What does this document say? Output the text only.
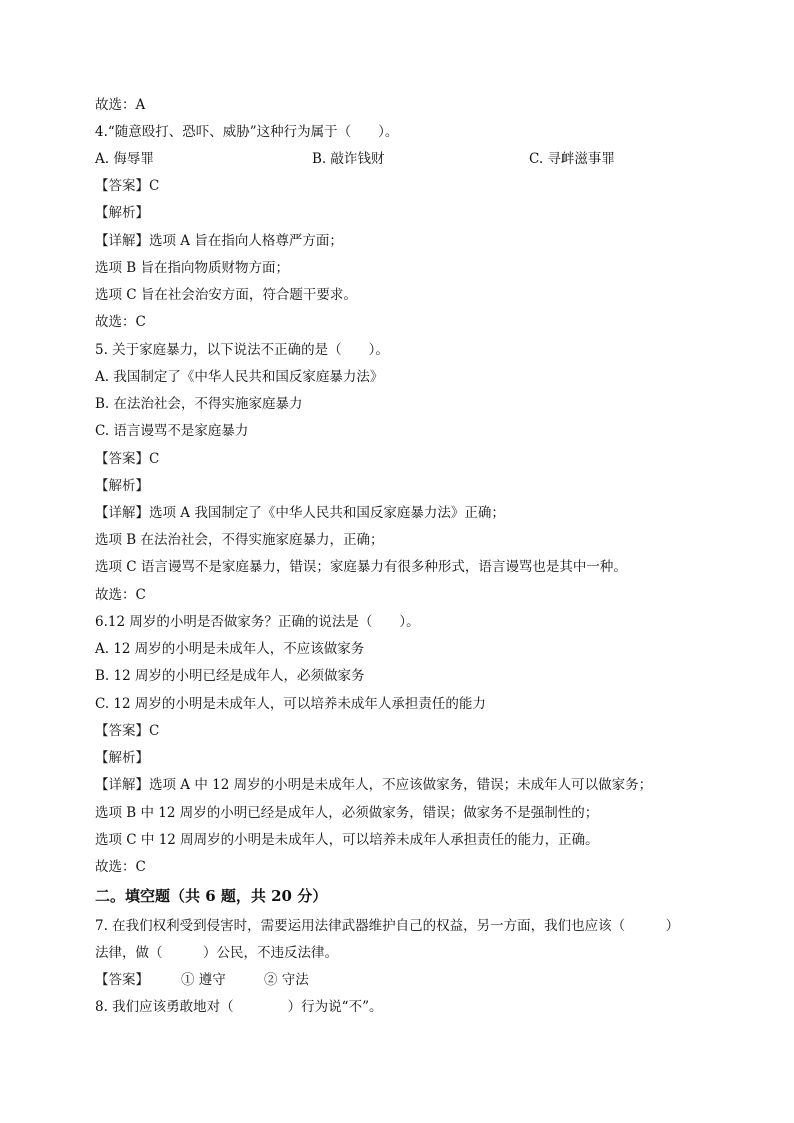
故选：A
4.“随意殴打、恐吓、威胁”这种行为属于（　　）。
A. 侮辱罪	B. 敲诈钱财	C. 寻衅滋事罪
【答案】C
【解析】
【详解】选项 A 旨在指向人格尊严方面；
选项 B 旨在指向物质财物方面；
选项 C 旨在社会治安方面，符合题干要求。
故选：C
5. 关于家庭暴力，以下说法不正确的是（　　）。
A. 我国制定了《中华人民共和国反家庭暴力法》
B. 在法治社会，不得实施家庭暴力
C. 语言谩骂不是家庭暴力
【答案】C
【解析】
【详解】选项 A 我国制定了《中华人民共和国反家庭暴力法》正确；
选项 B 在法治社会，不得实施家庭暴力，正确；
选项 C 语言谩骂不是家庭暴力，错误；家庭暴力有很多种形式，语言谩骂也是其中一种。
故选：C
6.12 周岁的小明是否做家务？正确的说法是（　　）。
A. 12 周岁的小明是未成年人，不应该做家务
B. 12 周岁的小明已经是成年人，必须做家务
C. 12 周岁的小明是未成年人，可以培养未成年人承担责任的能力
【答案】C
【解析】
【详解】选项 A 中 12 周岁的小明是未成年人，不应该做家务，错误；未成年人可以做家务；
选项 B 中 12 周岁的小明已经是成年人，必须做家务，错误；做家务不是强制性的；
选项 C 中 12 周周岁的小明是未成年人，可以培养未成年人承担责任的能力，正确。
故选：C
二。填空题（共 6 题，共 20 分）
7. 在我们权利受到侵害时，需要运用法律武器维护自己的权益，另一方面，我们也应该（　　　）
法律，做（　　　）公民，不违反法律。
【答案】 ① 遵守	② 守法
8. 我们应该勇敢地对（　　　　）行为说“不”。
